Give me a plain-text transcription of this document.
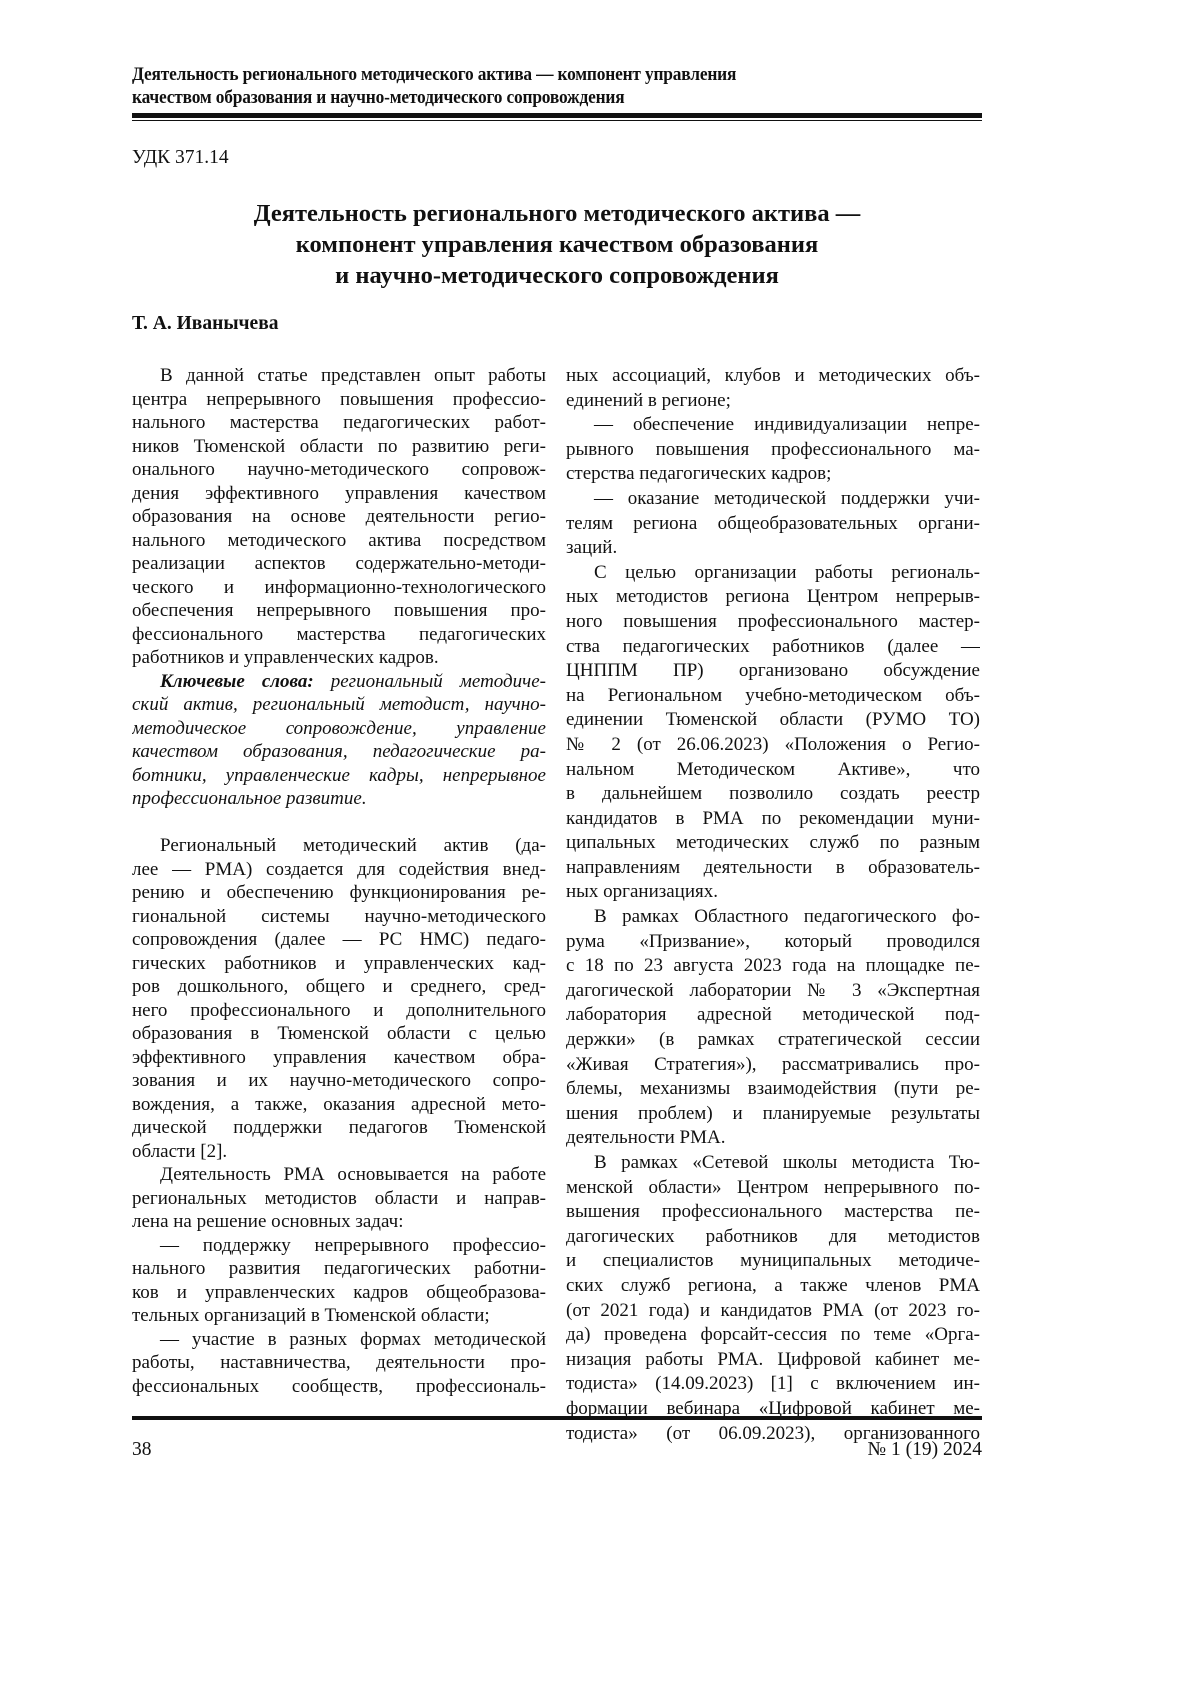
Деятельность регионального методического актива — компонент управления
качеством образования и научно-методического сопровождения
УДК 371.14
Деятельность регионального методического актива —
компонент управления качеством образования
и научно-методического сопровождения
Т. А. Иванычева
В данной статье представлен опыт работы
центра непрерывного повышения профессио-
нального мастерства педагогических работ-
ников Тюменской области по развитию реги-
онального научно-методического сопровож-
дения эффективного управления качеством
образования на основе деятельности регио-
нального методического актива посредством
реализации аспектов содержательно-методи-
ческого и информационно-технологического
обеспечения непрерывного повышения про-
фессионального мастерства педагогических
работников и управленческих кадров.
Ключевые слова: региональный методиче-
ский актив, региональный методист, научно-
методическое сопровождение, управление
качеством образования, педагогические ра-
ботники, управленческие кадры, непрерывное
профессиональное развитие.
Региональный методический актив (да-
лее — РМА) создается для содействия внед-
рению и обеспечению функционирования ре-
гиональной системы научно-методического
сопровождения (далее — РС НМС) педаго-
гических работников и управленческих кад-
ров дошкольного, общего и среднего, сред-
него профессионального и дополнительного
образования в Тюменской области с целью
эффективного управления качеством обра-
зования и их научно-методического сопро-
вождения, а также, оказания адресной мето-
дической поддержки педагогов Тюменской
области [2].
Деятельность РМА основывается на работе
региональных методистов области и направ-
лена на решение основных задач:
— поддержку непрерывного профессио-
нального развития педагогических работни-
ков и управленческих кадров общеобразова-
тельных организаций в Тюменской области;
— участие в разных формах методической
работы, наставничества, деятельности про-
фессиональных сообществ, профессиональ-
ных ассоциаций, клубов и методических объ-
единений в регионе;
— обеспечение индивидуализации непре-
рывного повышения профессионального ма-
стерства педагогических кадров;
— оказание методической поддержки учи-
телям региона общеобразовательных органи-
заций.
С целью организации работы региональ-
ных методистов региона Центром непрерыв-
ного повышения профессионального мастер-
ства педагогических работников (далее —
ЦНППМ ПР) организовано обсуждение
на Региональном учебно-методическом объ-
единении Тюменской области (РУМО ТО)
№ 2 (от 26.06.2023) «Положения о Регио-
нальном Методическом Активе», что
в дальнейшем позволило создать реестр
кандидатов в РМА по рекомендации муни-
ципальных методических служб по разным
направлениям деятельности в образователь-
ных организациях.
В рамках Областного педагогического фо-
рума «Призвание», который проводился
с 18 по 23 августа 2023 года на площадке пе-
дагогической лаборатории № 3 «Экспертная
лаборатория адресной методической под-
держки» (в рамках стратегической сессии
«Живая Стратегия»), рассматривались про-
блемы, механизмы взаимодействия (пути ре-
шения проблем) и планируемые результаты
деятельности РМА.
В рамках «Сетевой школы методиста Тю-
менской области» Центром непрерывного по-
вышения профессионального мастерства пе-
дагогических работников для методистов
и специалистов муниципальных методиче-
ских служб региона, а также членов РМА
(от 2021 года) и кандидатов РМА (от 2023 го-
да) проведена форсайт-сессия по теме «Орга-
низация работы РМА. Цифровой кабинет ме-
тодиста» (14.09.2023) [1] с включением ин-
формации вебинара «Цифровой кабинет ме-
тодиста» (от 06.09.2023), организованного
38	№ 1 (19) 2024
